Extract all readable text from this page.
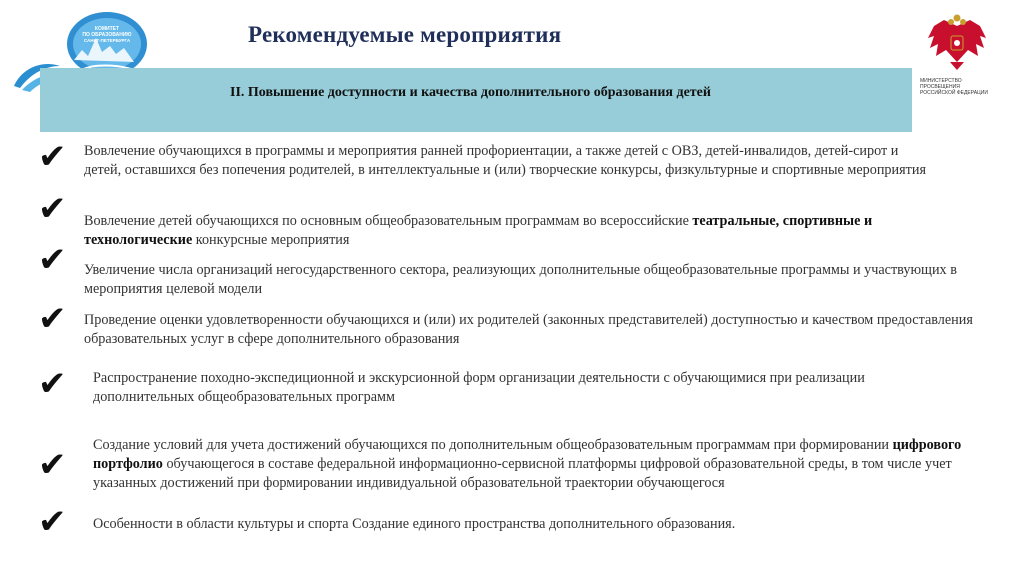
КОМИТЕТ
ПО ОБРАЗОВАНИЮ
САНКТ-ПЕТЕРБУРГА	Рекомендуемые мероприятия
МИНИСТЕРСТВО ПРОСВЕЩЕНИЯ
РОССИЙСКОЙ ФЕДЕРАЦИИ
II. Повышение доступности и качества дополнительного образования детей
✔ Вовлечение обучающихся в программы и мероприятия ранней профориентации, а также детей с ОВЗ, детей-инвалидов, детей-сирот и детей, оставшихся без попечения родителей, в интеллектуальные и (или) творческие конкурсы, физкультурные и спортивные мероприятия
✔ Вовлечение детей обучающихся по основным общеобразовательным программам во всероссийские театральные, спортивные и технологические конкурсные мероприятия
✔ Увеличение числа организаций негосударственного сектора, реализующих дополнительные общеобразовательные программы и участвующих в мероприятия целевой модели
✔ Проведение оценки удовлетворенности обучающихся и (или) их родителей (законных представителей) доступностью и качеством предоставления образовательных услуг в сфере дополнительного образования
✔ Распространение походно-экспедиционной и экскурсионной форм организации деятельности с обучающимися при реализации дополнительных общеобразовательных программ
✔ Создание условий для учета достижений обучающихся по дополнительным общеобразовательным программам при формировании цифрового портфолио обучающегося в составе федеральной информационно-сервисной платформы цифровой образовательной среды, в том числе учет указанных достижений при формировании индивидуальной образовательной траектории обучающегося
✔ Особенности в области культуры и спорта Создание единого пространства дополнительного образования.
